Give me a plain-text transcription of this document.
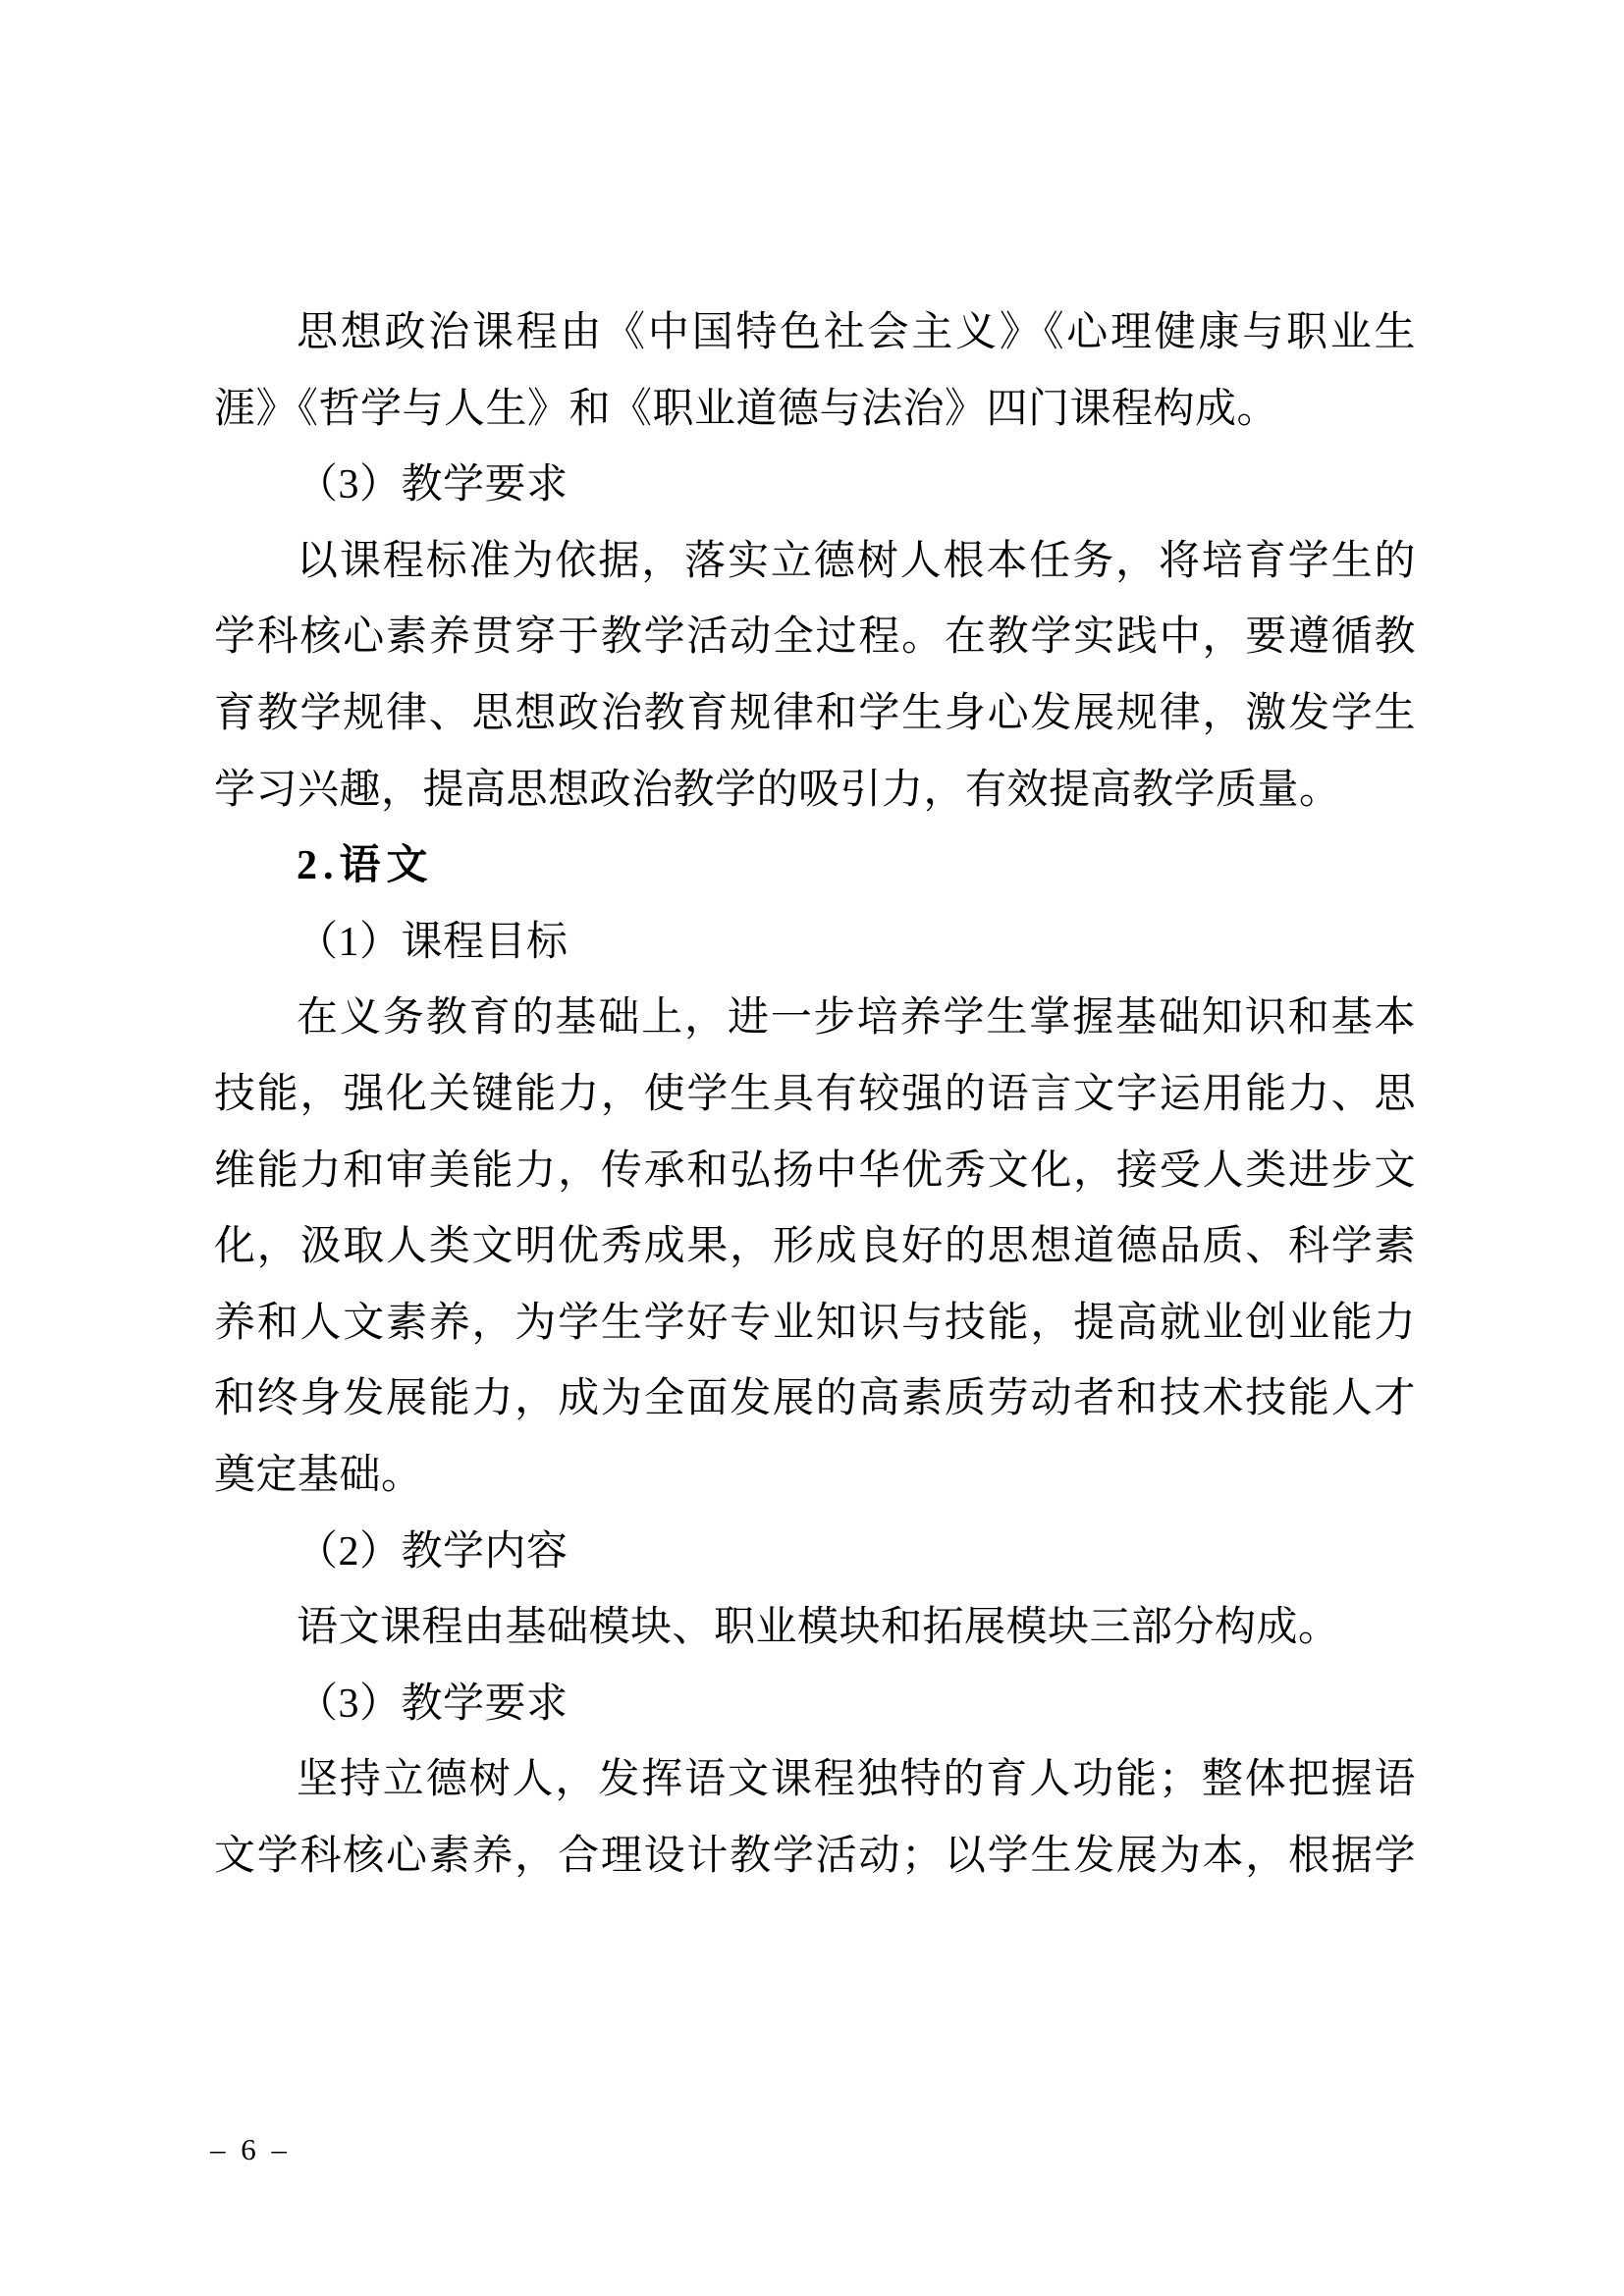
思想政治课程由《中国特色社会主义》《心理健康与职业生
涯》《哲学与人生》和《职业道德与法治》四门课程构成。
（3）教学要求
以课程标准为依据，落实立德树人根本任务，将培育学生的
学科核心素养贯穿于教学活动全过程。在教学实践中，要遵循教
育教学规律、思想政治教育规律和学生身心发展规律，激发学生
学习兴趣，提高思想政治教学的吸引力，有效提高教学质量。
2.语文
（1）课程目标
在义务教育的基础上，进一步培养学生掌握基础知识和基本
技能，强化关键能力，使学生具有较强的语言文字运用能力、思
维能力和审美能力，传承和弘扬中华优秀文化，接受人类进步文
化，汲取人类文明优秀成果，形成良好的思想道德品质、科学素
养和人文素养，为学生学好专业知识与技能，提高就业创业能力
和终身发展能力，成为全面发展的高素质劳动者和技术技能人才
奠定基础。
（2）教学内容
语文课程由基础模块、职业模块和拓展模块三部分构成。
（3）教学要求
坚持立德树人，发挥语文课程独特的育人功能；整体把握语
文学科核心素养，合理设计教学活动；以学生发展为本，根据学
– 6 –
